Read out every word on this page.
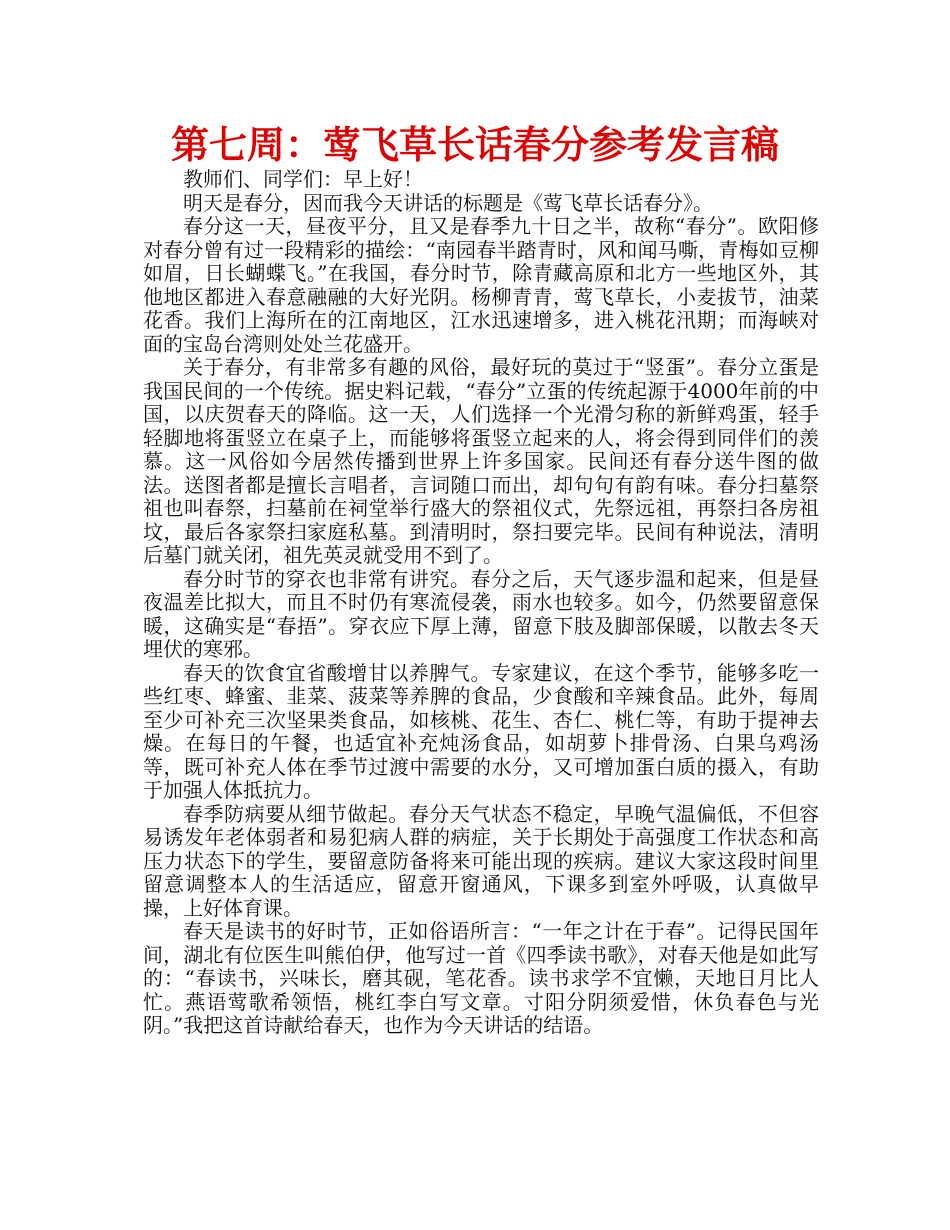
第七周：莺飞草长话春分参考发言稿

教师们、同学们：早上好！

明天是春分，因而我今天讲话的标题是《莺飞草长话春分》。

春分这一天，昼夜平分，且又是春季九十日之半，故称“春分”。欧阳修对春分曾有过一段精彩的描绘：“南园春半踏青时，风和闻马嘶，青梅如豆柳如眉，日长蝴蝶飞。”在我国，春分时节，除青藏高原和北方一些地区外，其他地区都进入春意融融的大好光阴。杨柳青青，莺飞草长，小麦拔节，油菜花香。我们上海所在的江南地区，江水迅速增多，进入桃花汛期；而海峡对面的宝岛台湾则处处兰花盛开。

关于春分，有非常多有趣的风俗，最好玩的莫过于“竖蛋”。春分立蛋是我国民间的一个传统。据史料记载，“春分”立蛋的传统起源于4000年前的中国，以庆贺春天的降临。这一天，人们选择一个光滑匀称的新鲜鸡蛋，轻手轻脚地将蛋竖立在桌子上，而能够将蛋竖立起来的人，将会得到同伴们的羡慕。这一风俗如今居然传播到世界上许多国家。民间还有春分送牛图的做法。送图者都是擅长言唱者，言词随口而出，却句句有韵有味。春分扫墓祭祖也叫春祭，扫墓前在祠堂举行盛大的祭祖仪式，先祭远祖，再祭扫各房祖坟，最后各家祭扫家庭私墓。到清明时，祭扫要完毕。民间有种说法，清明后墓门就关闭，祖先英灵就受用不到了。

春分时节的穿衣也非常有讲究。春分之后，天气逐步温和起来，但是昼夜温差比拟大，而且不时仍有寒流侵袭，雨水也较多。如今，仍然要留意保暖，这确实是“春捂”。穿衣应下厚上薄，留意下肢及脚部保暖，以散去冬天埋伏的寒邪。

春天的饮食宜省酸增甘以养脾气。专家建议，在这个季节，能够多吃一些红枣、蜂蜜、韭菜、菠菜等养脾的食品，少食酸和辛辣食品。此外，每周至少可补充三次坚果类食品，如核桃、花生、杏仁、桃仁等，有助于提神去燥。在每日的午餐，也适宜补充炖汤食品，如胡萝卜排骨汤、白果乌鸡汤等，既可补充人体在季节过渡中需要的水分，又可增加蛋白质的摄入，有助于加强人体抵抗力。

春季防病要从细节做起。春分天气状态不稳定，早晚气温偏低，不但容易诱发年老体弱者和易犯病人群的病症，关于长期处于高强度工作状态和高压力状态下的学生，要留意防备将来可能出现的疾病。建议大家这段时间里留意调整本人的生活适应，留意开窗通风，下课多到室外呼吸，认真做早操，上好体育课。

春天是读书的好时节，正如俗语所言：“一年之计在于春”。记得民国年间，湖北有位医生叫熊伯伊，他写过一首《四季读书歌》，对春天他是如此写的：“春读书，兴味长，磨其砚，笔花香。读书求学不宜懒，天地日月比人忙。燕语莺歌希领悟，桃红李白写文章。寸阳分阴须爱惜，休负春色与光阴。”我把这首诗献给春天，也作为今天讲话的结语。
